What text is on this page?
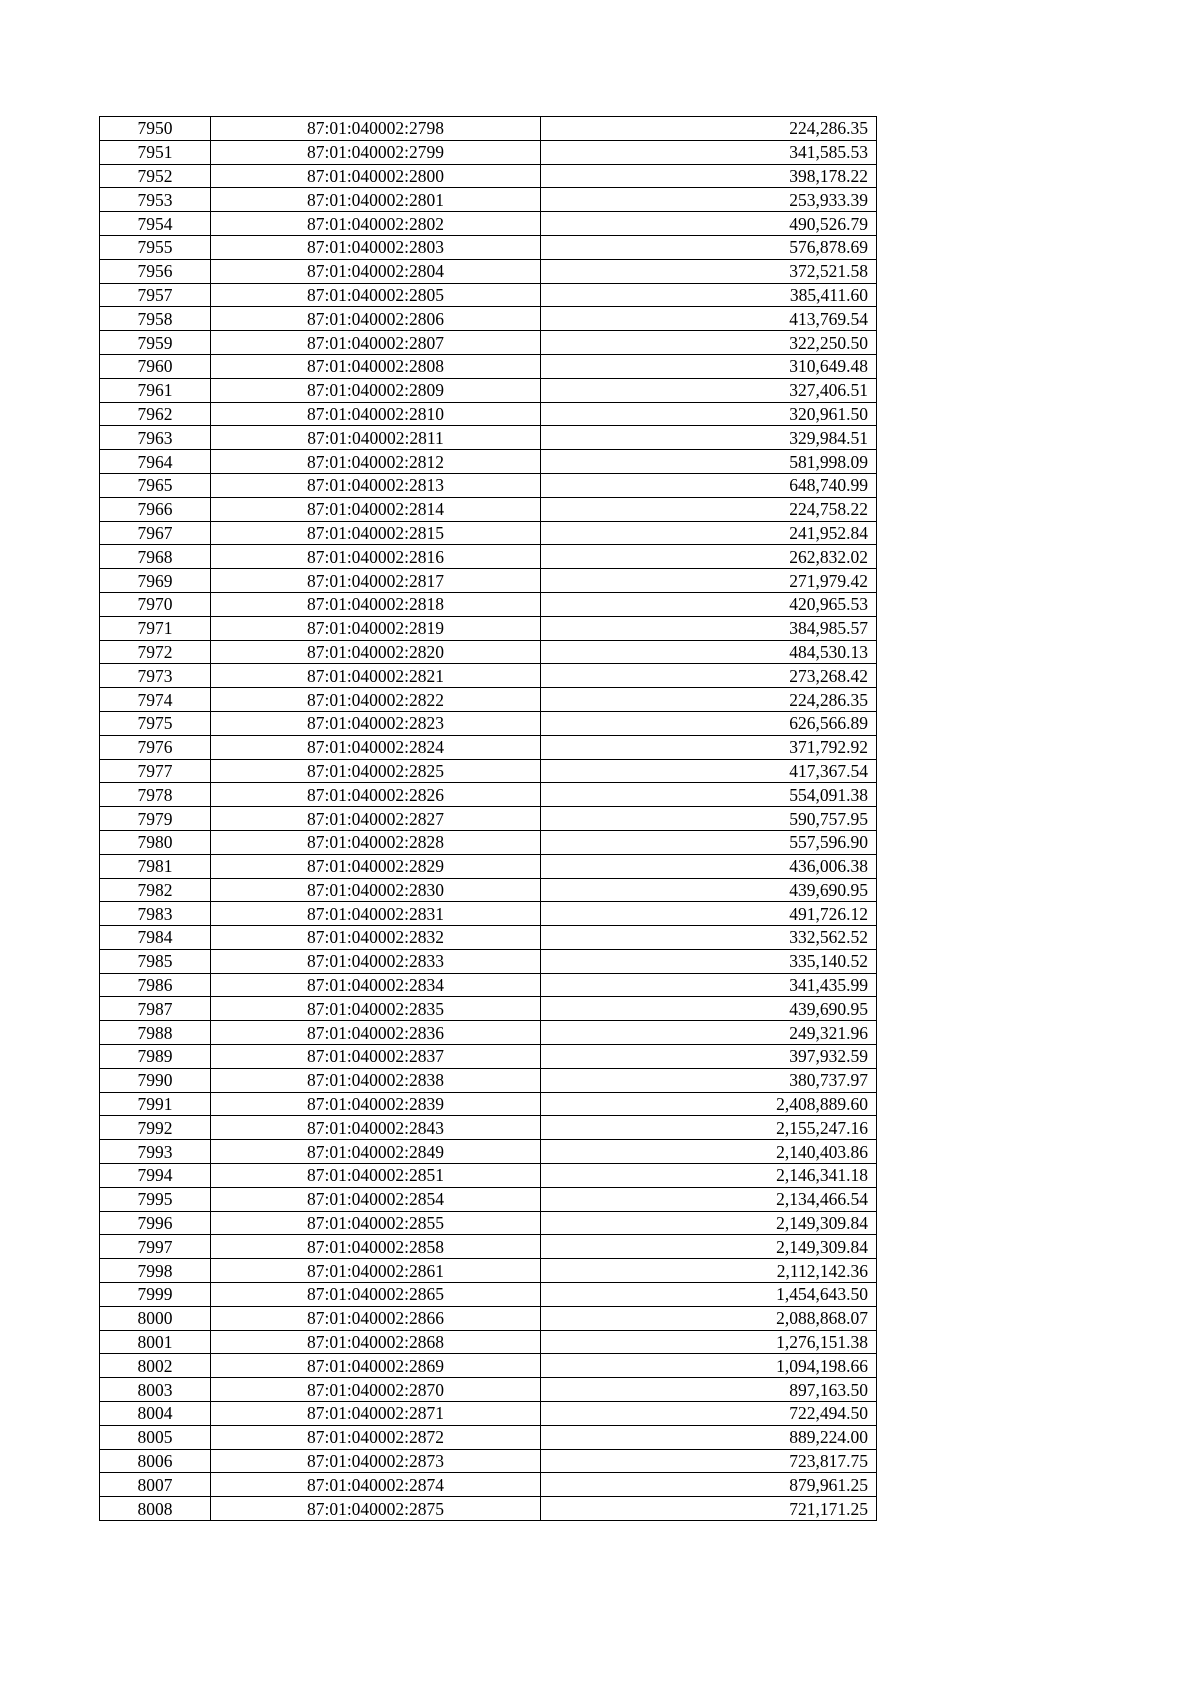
7950	87:01:040002:2798	224,286.35
7951	87:01:040002:2799	341,585.53
7952	87:01:040002:2800	398,178.22
7953	87:01:040002:2801	253,933.39
7954	87:01:040002:2802	490,526.79
7955	87:01:040002:2803	576,878.69
7956	87:01:040002:2804	372,521.58
7957	87:01:040002:2805	385,411.60
7958	87:01:040002:2806	413,769.54
7959	87:01:040002:2807	322,250.50
7960	87:01:040002:2808	310,649.48
7961	87:01:040002:2809	327,406.51
7962	87:01:040002:2810	320,961.50
7963	87:01:040002:2811	329,984.51
7964	87:01:040002:2812	581,998.09
7965	87:01:040002:2813	648,740.99
7966	87:01:040002:2814	224,758.22
7967	87:01:040002:2815	241,952.84
7968	87:01:040002:2816	262,832.02
7969	87:01:040002:2817	271,979.42
7970	87:01:040002:2818	420,965.53
7971	87:01:040002:2819	384,985.57
7972	87:01:040002:2820	484,530.13
7973	87:01:040002:2821	273,268.42
7974	87:01:040002:2822	224,286.35
7975	87:01:040002:2823	626,566.89
7976	87:01:040002:2824	371,792.92
7977	87:01:040002:2825	417,367.54
7978	87:01:040002:2826	554,091.38
7979	87:01:040002:2827	590,757.95
7980	87:01:040002:2828	557,596.90
7981	87:01:040002:2829	436,006.38
7982	87:01:040002:2830	439,690.95
7983	87:01:040002:2831	491,726.12
7984	87:01:040002:2832	332,562.52
7985	87:01:040002:2833	335,140.52
7986	87:01:040002:2834	341,435.99
7987	87:01:040002:2835	439,690.95
7988	87:01:040002:2836	249,321.96
7989	87:01:040002:2837	397,932.59
7990	87:01:040002:2838	380,737.97
7991	87:01:040002:2839	2,408,889.60
7992	87:01:040002:2843	2,155,247.16
7993	87:01:040002:2849	2,140,403.86
7994	87:01:040002:2851	2,146,341.18
7995	87:01:040002:2854	2,134,466.54
7996	87:01:040002:2855	2,149,309.84
7997	87:01:040002:2858	2,149,309.84
7998	87:01:040002:2861	2,112,142.36
7999	87:01:040002:2865	1,454,643.50
8000	87:01:040002:2866	2,088,868.07
8001	87:01:040002:2868	1,276,151.38
8002	87:01:040002:2869	1,094,198.66
8003	87:01:040002:2870	897,163.50
8004	87:01:040002:2871	722,494.50
8005	87:01:040002:2872	889,224.00
8006	87:01:040002:2873	723,817.75
8007	87:01:040002:2874	879,961.25
8008	87:01:040002:2875	721,171.25
